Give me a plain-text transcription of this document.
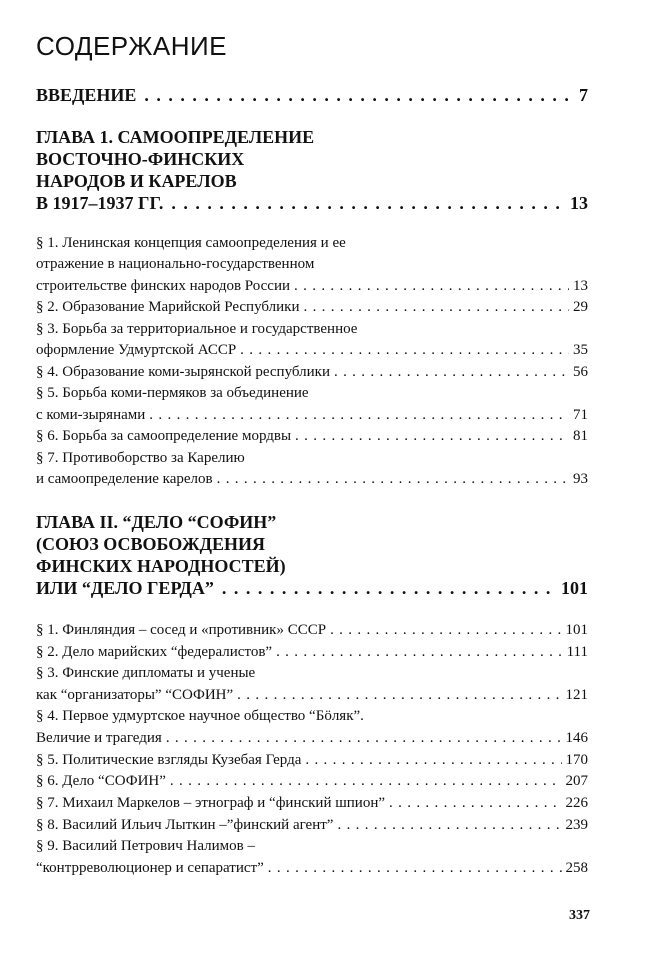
СОДЕРЖАНИЕ
ВВЕДЕНИЕ . . .	7
ГЛАВА 1. САМООПРЕДЕЛЕНИЕ
ВОСТОЧНО-ФИНСКИХ
НАРОДОВ И КАРЕЛОВ
В 1917–1937 ГГ. . . .	13
§ 1. Ленинская концепция самоопределения и ее
отражение в национально-государственном
строительстве финских народов России . . .	13
§ 2. Образование Марийской Республики . . .	29
§ 3. Борьба за территориальное и государственное
оформление Удмуртской АССР . . .	35
§ 4. Образование коми-зырянской республики . . .	56
§ 5. Борьба коми-пермяков за объединение
с коми-зырянами . . .	71
§ 6. Борьба за самоопределение мордвы . . .	81
§ 7. Противоборство за Карелию
и самоопределение карелов . . .	93
ГЛАВА II. “ДЕЛО “СОФИН”
(СОЮЗ ОСВОБОЖДЕНИЯ
ФИНСКИХ НАРОДНОСТЕЙ)
ИЛИ “ДЕЛО ГЕРДА” . . .	101
§ 1. Финляндия – сосед и «противник» СССР . . .	101
§ 2. Дело марийских “федералистов” . . .	111
§ 3. Финские дипломаты и ученые
как “организаторы” “СОФИН” . . .	121
§ 4. Первое удмуртское научное общество “Бöляк”.
Величие и трагедия . . .	146
§ 5. Политические взгляды Кузебая Герда . . .	170
§ 6. Дело “СОФИН” . . .	207
§ 7. Михаил Маркелов – этнограф и “финский шпион” . . .	226
§ 8. Василий Ильич Лыткин –”финский агент” . . .	239
§ 9. Василий Петрович Налимов –
“контрреволюционер и сепаратист” . . .	258
337
